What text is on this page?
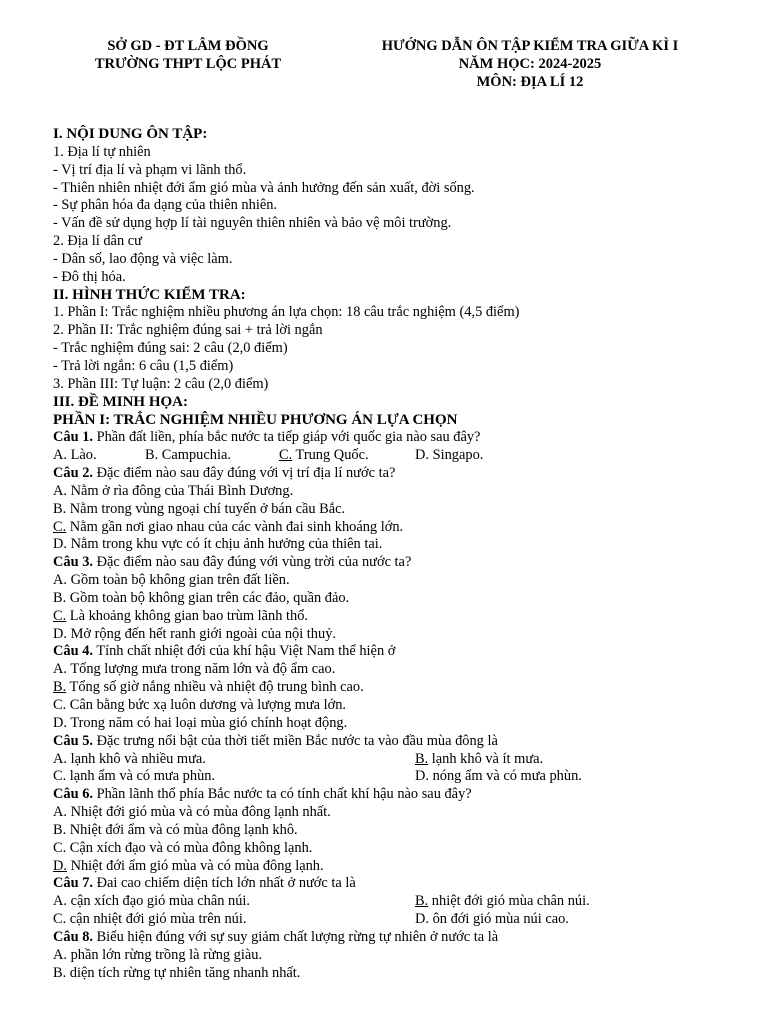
SỞ GD - ĐT LÂM ĐỒNG
TRƯỜNG THPT LỘC PHÁT
HƯỚNG DẪN ÔN TẬP KIỂM TRA GIỮA KÌ I
NĂM HỌC: 2024-2025
MÔN: ĐỊA LÍ 12
I. NỘI DUNG ÔN TẬP:
1. Địa lí tự nhiên
- Vị trí địa lí và phạm vi lãnh thổ.
- Thiên nhiên nhiệt đới ẩm gió mùa và ảnh hưởng đến sản xuất, đời sống.
- Sự phân hóa đa dạng của thiên nhiên.
- Vấn đề sử dụng hợp lí tài nguyên thiên nhiên và bảo vệ môi trường.
2. Địa lí dân cư
- Dân số, lao động và việc làm.
- Đô thị hóa.
II. HÌNH THỨC KIỂM TRA:
1. Phần I: Trắc nghiệm nhiều phương án lựa chọn: 18 câu trắc nghiệm (4,5 điểm)
2. Phần II: Trắc nghiệm đúng sai + trả lời ngắn
- Trắc nghiệm đúng sai: 2 câu (2,0 điểm)
- Trả lời ngắn: 6 câu (1,5 điểm)
3. Phần III: Tự luận: 2 câu (2,0 điểm)
III. ĐỀ MINH HỌA:
PHẦN I: TRẮC NGHIỆM NHIỀU PHƯƠNG ÁN LỰA CHỌN
Câu 1. Phần đất liền, phía bắc nước ta tiếp giáp với quốc gia nào sau đây?
A. Lào.	B. Campuchia.	C. Trung Quốc.	D. Singapo.
Câu 2. Đặc điểm nào sau đây đúng với vị trí địa lí nước ta?
A. Nằm ở rìa đông của Thái Bình Dương.
B. Nằm trong vùng ngoại chí tuyến ở bán cầu Bắc.
C. Nằm gần nơi giao nhau của các vành đai sinh khoáng lớn.
D. Nằm trong khu vực có ít chịu ảnh hưởng của thiên tai.
Câu 3. Đặc điểm nào sau đây đúng với vùng trời của nước ta?
A. Gồm toàn bộ không gian trên đất liền.
B. Gồm toàn bộ không gian trên các đảo, quần đảo.
C. Là khoảng không gian bao trùm lãnh thổ.
D. Mở rộng đến hết ranh giới ngoài của nội thuỷ.
Câu 4. Tính chất nhiệt đới của khí hậu Việt Nam thể hiện ở
A. Tổng lượng mưa trong năm lớn và độ ẩm cao.
B. Tổng số giờ nắng nhiều và nhiệt độ trung bình cao.
C. Cân bằng bức xạ luôn dương và lượng mưa lớn.
D. Trong năm có hai loại mùa gió chính hoạt động.
Câu 5. Đặc trưng nổi bật của thời tiết miền Bắc nước ta vào đầu mùa đông là
A. lạnh khô và nhiều mưa.	B. lạnh khô và ít mưa.
C. lạnh ẩm và có mưa phùn.	D. nóng ẩm và có mưa phùn.
Câu 6. Phần lãnh thổ phía Bắc nước ta có tính chất khí hậu nào sau đây?
A. Nhiệt đới gió mùa và có mùa đông lạnh nhất.
B. Nhiệt đới ẩm và có mùa đông lạnh khô.
C. Cận xích đạo và có mùa đông không lạnh.
D. Nhiệt đới ẩm gió mùa và có mùa đông lạnh.
Câu 7. Đai cao chiếm diện tích lớn nhất ở nước ta là
A. cận xích đạo gió mùa chân núi.	B. nhiệt đới gió mùa chân núi.
C. cận nhiệt đới gió mùa trên núi.	D. ôn đới gió mùa núi cao.
Câu 8. Biểu hiện đúng với sự suy giảm chất lượng rừng tự nhiên ở nước ta là
A. phần lớn rừng trồng là rừng giàu.
B. diện tích rừng tự nhiên tăng nhanh nhất.
